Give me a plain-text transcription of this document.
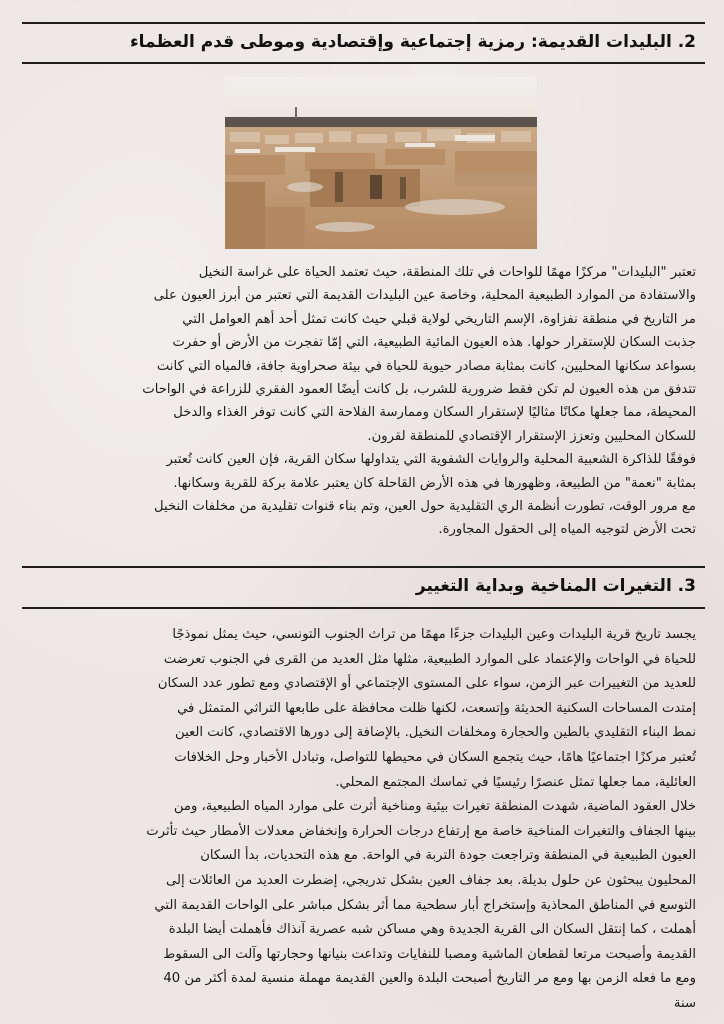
2. البليدات القديمة: رمزية إجتماعية وإقتصادية وموطى قدم العظماء
تعتبر "البليدات" مركزًا مهمًا للواحات في تلك المنطقة، حيث تعتمد الحياة على غراسة النخيل
والاستفادة من الموارد الطبيعية المحلية، وخاصة عين البليدات القديمة التي تعتبر من أبرز العيون على
مر التاريخ في منطقة نفزاوة، الإسم التاريخي لولاية قبلي حيث كانت تمثل أحد أهم العوامل التي
جذبت السكان للإستقرار حولها. هذه العيون المائية الطبيعية، التي إمّا تفجرت من الأرض أو حفرت
بسواعد سكانها المحليين، كانت بمثابة مصادر حيوية للحياة في بيئة صحراوية جافة، فالمياه التي كانت
تتدفق من هذه العيون لم تكن فقط ضرورية للشرب، بل كانت أيضًا العمود الفقري للزراعة في الواحات
المحيطة، مما جعلها مكانًا مثاليًا لإستقرار السكان وممارسة الفلاحة التي كانت توفر الغذاء والدخل
للسكان المحليين وتعزز الإستقرار الإقتصادي للمنطقة لقرون.
فوفقًا للذاكرة الشعبية المحلية والروايات الشفوية التي يتداولها سكان القرية، فإن العين كانت تُعتبر
بمثابة "نعمة" من الطبيعة، وظهورها في هذه الأرض القاحلة كان يعتبر علامة بركة للقرية وسكانها.
مع مرور الوقت، تطورت أنظمة الري التقليدية حول العين، وتم بناء قنوات تقليدية من مخلفات النخيل
تحت الأرض لتوجيه المياه إلى الحقول المجاورة.
3. التغيرات المناخية وبداية التغيير
يجسد تاريخ قرية البليدات وعين البليدات جزءًا مهمًا من تراث الجنوب التونسي، حيث يمثل نموذجًا
للحياة في الواحات والإعتماد على الموارد الطبيعية، مثلها مثل العديد من القرى في الجنوب تعرضت
للعديد من التغييرات عبر الزمن، سواء على المستوى الإجتماعي أو الإقتصادي ومع تطور عدد السكان
إمتدت المساحات السكنية الحديثة وإتسعت، لكنها ظلت محافظة على طابعها التراثي المتمثل في
نمط البناء التقليدي بالطين والحجارة ومخلفات النخيل. بالإضافة إلى دورها الاقتصادي، كانت العين
تُعتبر مركزًا اجتماعيًا هامًا، حيث يتجمع السكان في محيطها للتواصل، وتبادل الأخبار وحل الخلافات
العائلية، مما جعلها تمثل عنصرًا رئيسيًا في تماسك المجتمع المحلي.
خلال العقود الماضية، شهدت المنطقة تغيرات بيئية ومناخية أثرت على موارد المياه الطبيعية، ومن
بينها الجفاف والتغيرات المناخية خاصة مع إرتفاع درجات الحرارة وإنخفاض معدلات الأمطار حيث تأثرت
العيون الطبيعية في المنطقة وتراجعت جودة التربة في الواحة. مع هذه التحديات، بدأ السكان
المحليون يبحثون عن حلول بديلة. بعد جفاف العين بشكل تدريجي، إضطرت العديد من العائلات إلى
التوسع في المناطق المحاذية وإستخراج أبار سطحية مما أثر بشكل مباشر على الواحات القديمة التي
أهملت ، كما إنتقل السكان الى القرية الجديدة وهي مساكن شبه عصرية آنذاك فأهملت أيضا البلدة
القديمة وأصبحت مرتعا لقطعان الماشية ومصبا للنفايات وتداعت بنيانها وحجارتها وآلت الى السقوط
ومع ما فعله الزمن بها ومع مر التاريخ أصبحت البلدة والعين القديمة مهملة منسية لمدة أكثر من 40
سنة
